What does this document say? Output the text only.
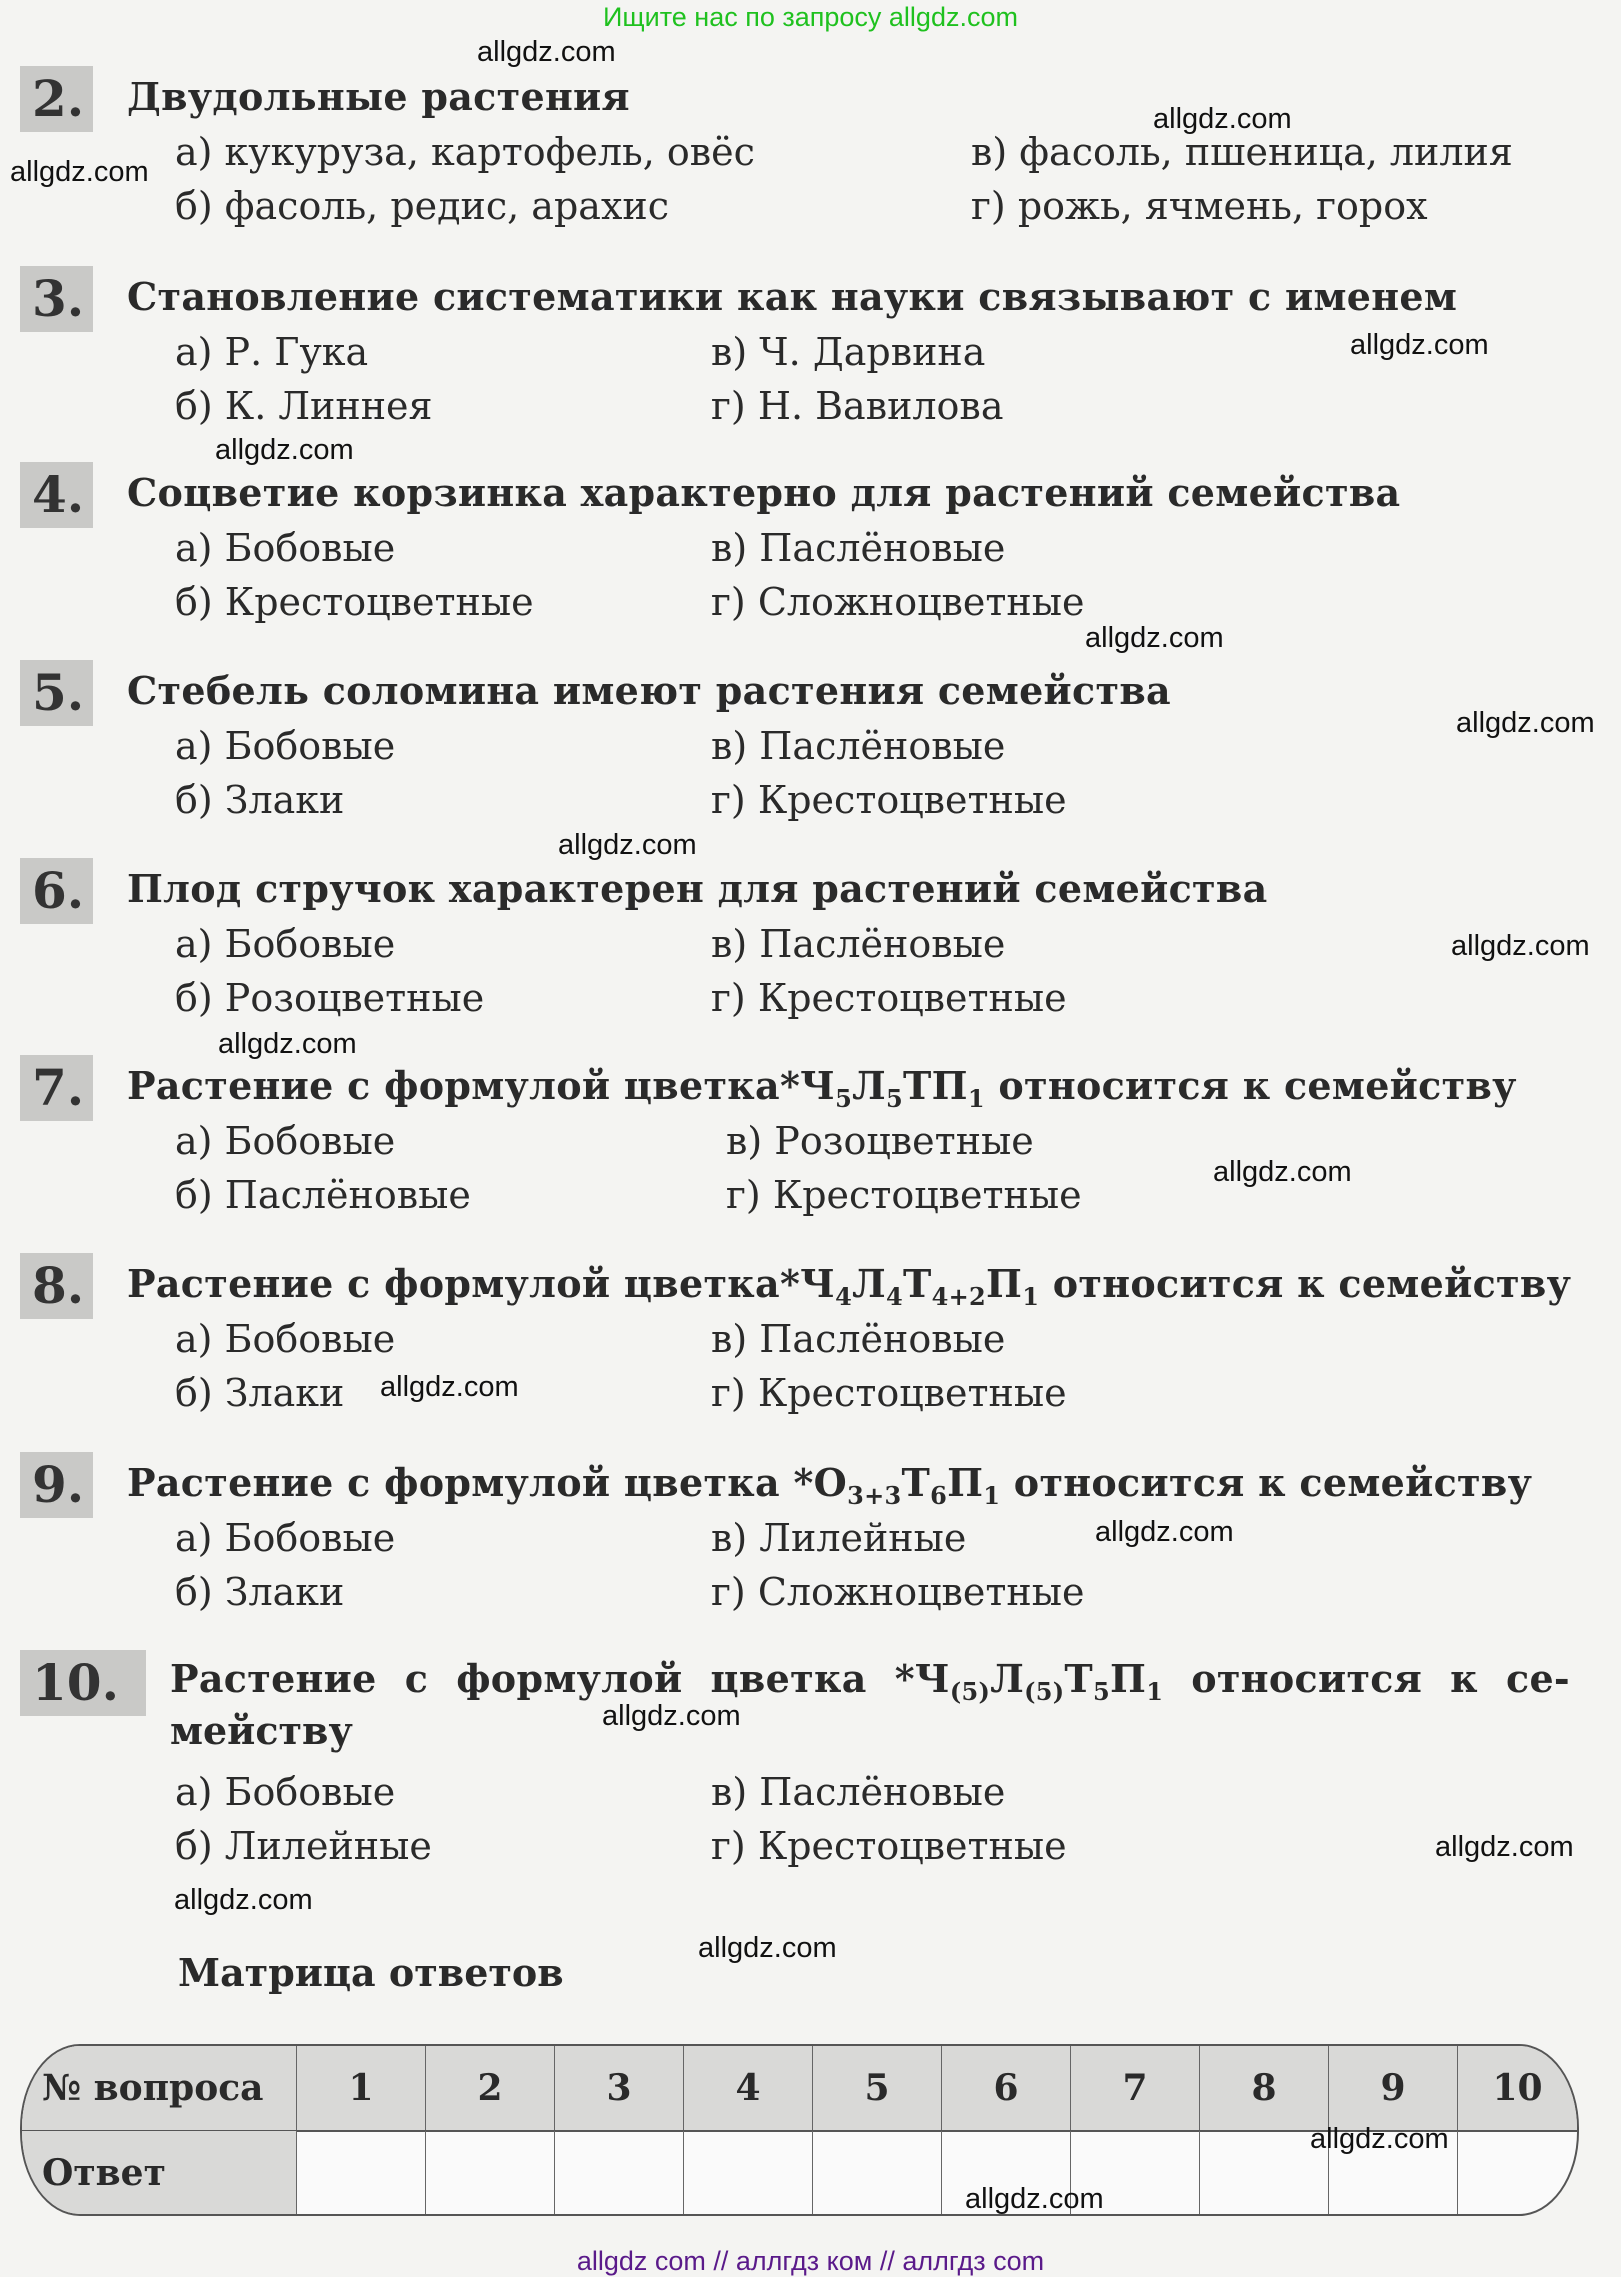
Ищите нас по запросу allgdz.com
2. Двудольные растения
а) кукуруза, картофель, овёс
б) фасоль, редис, арахис
в) фасоль, пшеница, лилия
г) рожь, ячмень, горох
3. Становление систематики как науки связывают с именем
а) Р. Гука
б) К. Линнея
в) Ч. Дарвина
г) Н. Вавилова
4. Соцветие корзинка характерно для растений семейства
а) Бобовые
б) Крестоцветные
в) Паслёновые
г) Сложноцветные
5. Стебель соломина имеют растения семейства
а) Бобовые
б) Злаки
в) Паслёновые
г) Крестоцветные
6. Плод стручок характерен для растений семейства
а) Бобовые
б) Розоцветные
в) Паслёновые
г) Крестоцветные
7. Растение с формулой $цветка*Ч_5Л_5ТП_1$ относится к семейству
а) Бобовые
б) Паслёновые
в) Розоцветные
г) Крестоцветные
8. Растение с формулой $цветка*Ч_4Л_4Т_{4+2}П_1$ относится к семейству
а) Бобовые
б) Злаки
в) Паслёновые
г) Крестоцветные
9. Растение с формулой цветка $*О_{3+3}Т_6П_1$ относится к семейству
а) Бобовые
б) Злаки
в) Лилейные
г) Сложноцветные
10.	Растение с формулой цветка $*Ч_{(5)}Л_{(5)}Т_5П_1$ относится к се-
мейству
а) Бобовые
б) Лилейные
в) Паслёновые
г) Крестоцветные
Матрица ответов
№ вопроса	1	2	3	4	5	6	7	8	9	10
Ответ
allgdz.com
allgdz.com
allgdz.com
allgdz.com
allgdz.com
allgdz.com
allgdz.com
allgdz.com
allgdz.com
allgdz.com
allgdz.com
allgdz.com
allgdz.com
allgdz.com
allgdz.com
allgdz.com
allgdz.com
allgdz.com
allgdz.com
allgdz com // аллгдз ком // аллгдз com
